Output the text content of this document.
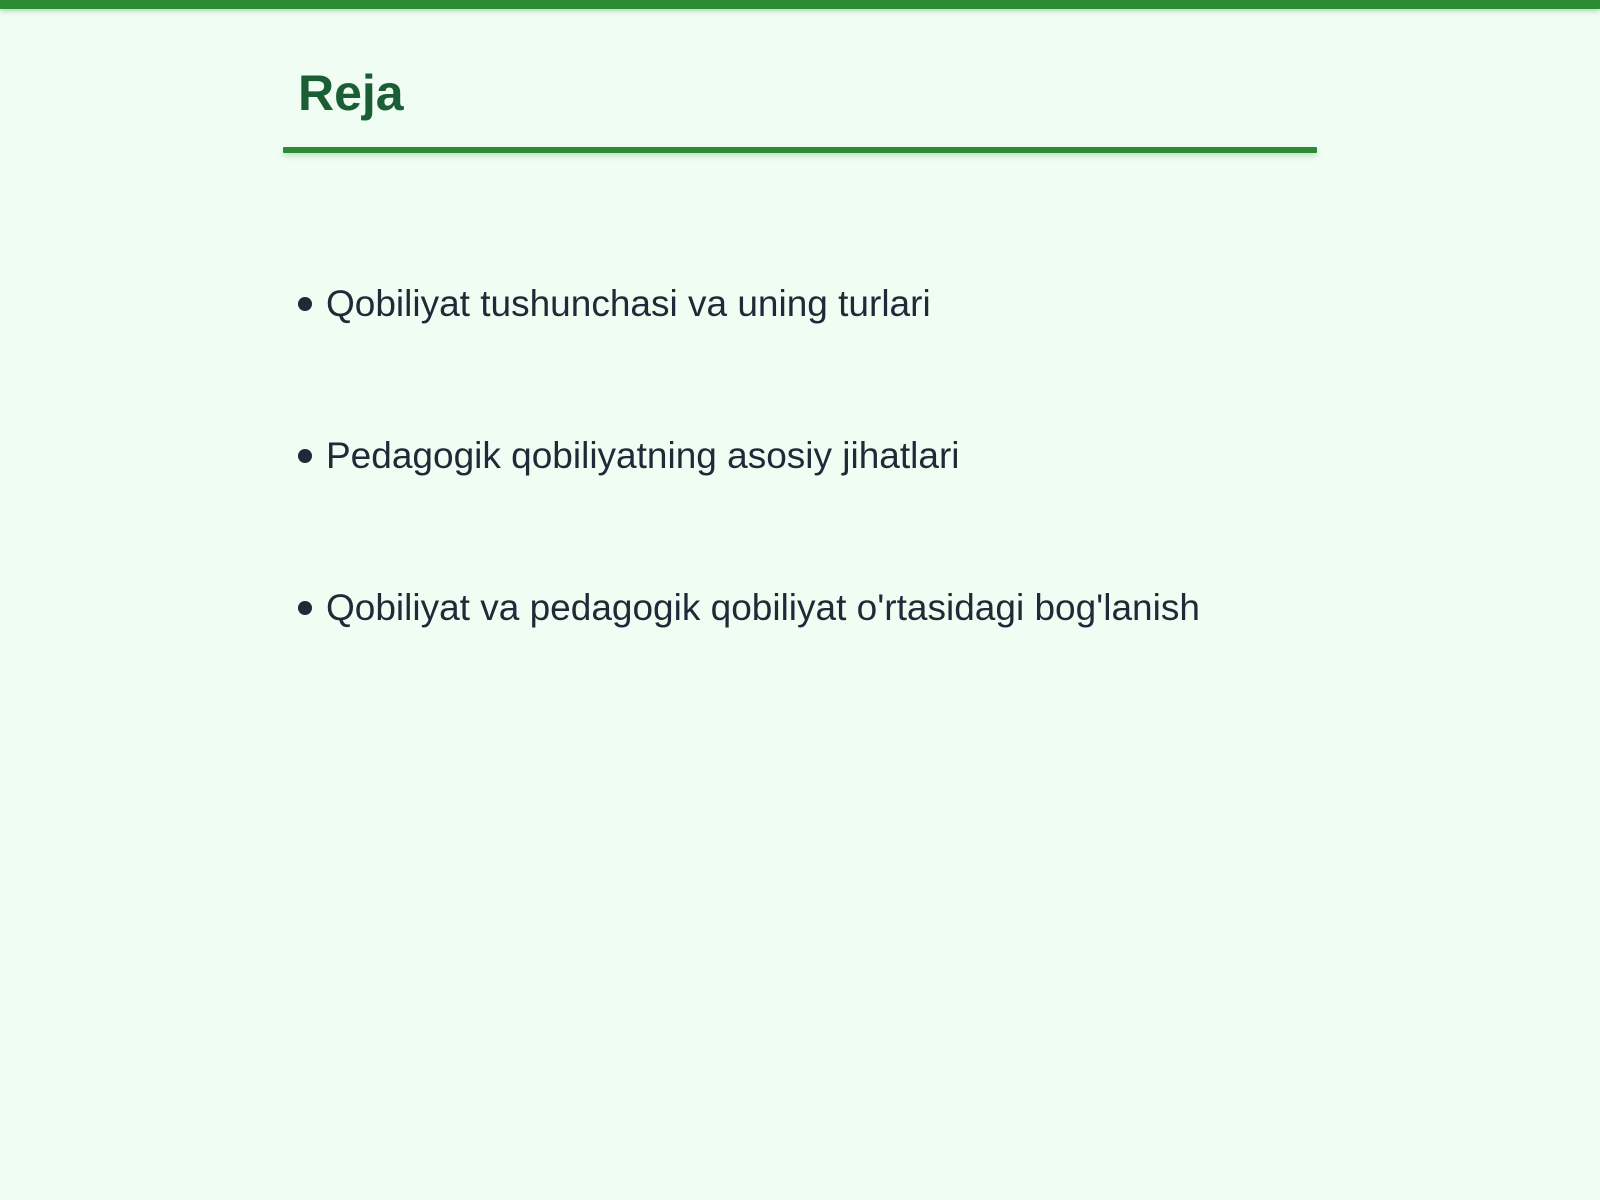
Reja
Qobiliyat tushunchasi va uning turlari
Pedagogik qobiliyatning asosiy jihatlari
Qobiliyat va pedagogik qobiliyat o'rtasidagi bog'lanish
